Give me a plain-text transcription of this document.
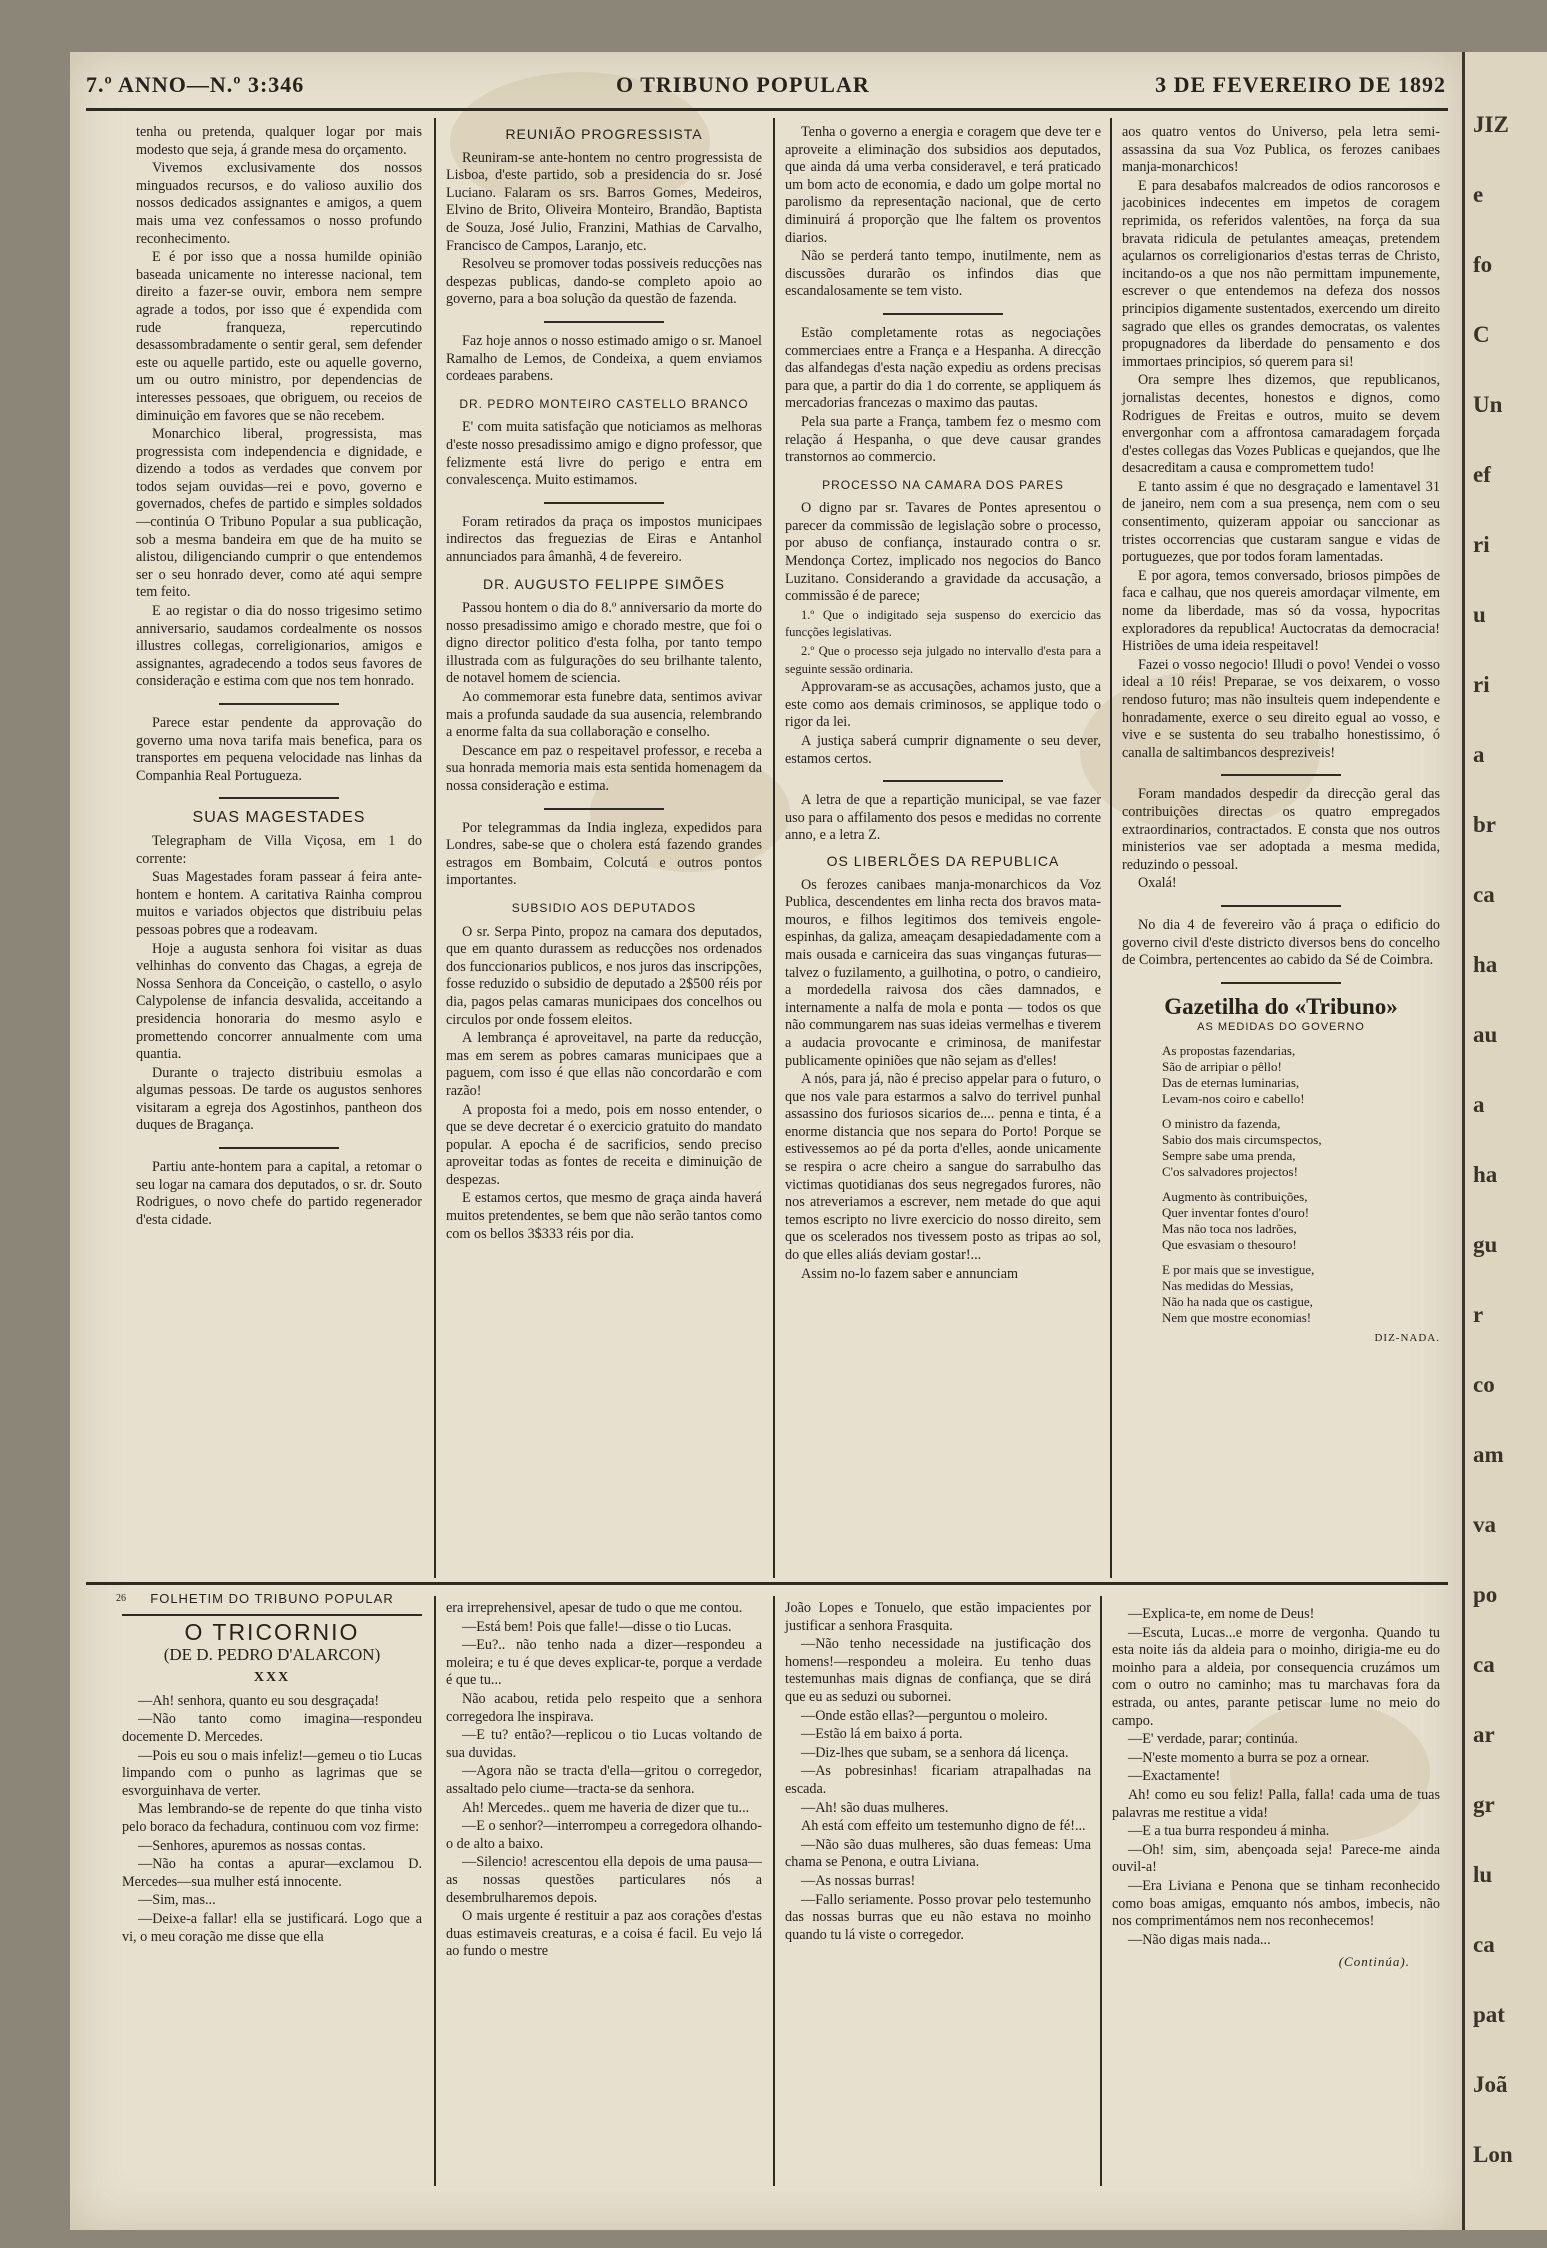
JIZ
e
fo
C
Un
ef
ri
u
ri
a
br
ca
ha
au
a
ha
gu
r
co
am
va
po
ca
ar
gr
lu
ca
pat
Joã
Lon
7.º ANNO—N.º 3:346	O TRIBUNO POPULAR	3 DE FEVEREIRO DE 1892

tenha ou pretenda, qualquer logar por mais modesto que seja, á grande mesa do orçamento.

Vivemos exclusivamente dos nossos minguados recursos, e do valioso auxilio dos nossos dedicados assignantes e amigos, a quem mais uma vez confessamos o nosso profundo reconhecimento.

E é por isso que a nossa humilde opinião baseada unicamente no interesse nacional, tem direito a fazer-se ouvir, embora nem sempre agrade a todos, por isso que é expendida com rude franqueza, repercutindo desassombradamente o sentir geral, sem defender este ou aquelle partido, este ou aquelle governo, um ou outro ministro, por dependencias de interesses pessoaes, que obriguem, ou receios de diminuição em favores que se não recebem.

Monarchico liberal, progressista, mas progressista com independencia e dignidade, e dizendo a todos as verdades que convem por todos sejam ouvidas—rei e povo, governo e governados, chefes de partido e simples soldados—continúa O Tribuno Popular a sua publicação, sob a mesma bandeira em que de ha muito se alistou, diligenciando cumprir o que entendemos ser o seu honrado dever, como até aqui sempre tem feito.

E ao registar o dia do nosso trigesimo setimo anniversario, saudamos cordealmente os nossos illustres collegas, correligionarios, amigos e assignantes, agradecendo a todos seus favores de consideração e estima com que nos tem honrado.

Parece estar pendente da approvação do governo uma nova tarifa mais benefica, para os transportes em pequena velocidade nas linhas da Companhia Real Portugueza.

SUAS MAGESTADES

Telegrapham de Villa Viçosa, em 1 do corrente:

Suas Magestades foram passear á feira ante-hontem e hontem. A caritativa Rainha comprou muitos e variados objectos que distribuiu pelas pessoas pobres que a rodeavam.

Hoje a augusta senhora foi visitar as duas velhinhas do convento das Chagas, a egreja de Nossa Senhora da Conceição, o castello, o asylo Calypolense de infancia desvalida, acceitando a presidencia honoraria do mesmo asylo e promettendo concorrer annualmente com uma quantia.

Durante o trajecto distribuiu esmolas a algumas pessoas. De tarde os augustos senhores visitaram a egreja dos Agostinhos, pantheon dos duques de Bragança.

Partiu ante-hontem para a capital, a retomar o seu logar na camara dos deputados, o sr. dr. Souto Rodrigues, o novo chefe do partido regenerador d'esta cidade.

REUNIÃO PROGRESSISTA

Reuniram-se ante-hontem no centro progressista de Lisboa, d'este partido, sob a presidencia do sr. José Luciano. Falaram os srs. Barros Gomes, Medeiros, Elvino de Brito, Oliveira Monteiro, Brandão, Baptista de Souza, José Julio, Franzini, Mathias de Carvalho, Francisco de Campos, Laranjo, etc.

Resolveu se promover todas possiveis reducções nas despezas publicas, dando-se completo apoio ao governo, para a boa solução da questão de fazenda.

Faz hoje annos o nosso estimado amigo o sr. Manoel Ramalho de Lemos, de Condeixa, a quem enviamos cordeaes parabens.

DR. PEDRO MONTEIRO CASTELLO BRANCO

E' com muita satisfação que noticiamos as melhoras d'este nosso presadissimo amigo e digno professor, que felizmente está livre do perigo e entra em convalescença. Muito estimamos.

Foram retirados da praça os impostos municipaes indirectos das freguezias de Eiras e Antanhol annunciados para âmanhã, 4 de fevereiro.

DR. AUGUSTO FELIPPE SIMÕES

Passou hontem o dia do 8.º anniversario da morte do nosso presadissimo amigo e chorado mestre, que foi o digno director politico d'esta folha, por tanto tempo illustrada com as fulgurações do seu brilhante talento, de notavel homem de sciencia.

Ao commemorar esta funebre data, sentimos avivar mais a profunda saudade da sua ausencia, relembrando a enorme falta da sua collaboração e conselho.

Descance em paz o respeitavel professor, e receba a sua honrada memoria mais esta sentida homenagem da nossa consideração e estima.

Por telegrammas da India ingleza, expedidos para Londres, sabe-se que o cholera está fazendo grandes estragos em Bombaim, Colcutá e outros pontos importantes.

SUBSIDIO AOS DEPUTADOS

O sr. Serpa Pinto, propoz na camara dos deputados, que em quanto durassem as reducções nos ordenados dos funccionarios publicos, e nos juros das inscripções, fosse reduzido o subsidio de deputado a 2$500 réis por dia, pagos pelas camaras municipaes dos concelhos ou circulos por onde fossem eleitos.

A lembrança é aproveitavel, na parte da reducção, mas em serem as pobres camaras municipaes que a paguem, com isso é que ellas não concordarão e com razão!

A proposta foi a medo, pois em nosso entender, o que se deve decretar é o exercicio gratuito do mandato popular. A epocha é de sacrificios, sendo preciso aproveitar todas as fontes de receita e diminuição de despezas.

E estamos certos, que mesmo de graça ainda haverá muitos pretendentes, se bem que não serão tantos como com os bellos 3$333 réis por dia.

Tenha o governo a energia e coragem que deve ter e aproveite a eliminação dos subsidios aos deputados, que ainda dá uma verba consideravel, e terá praticado um bom acto de economia, e dado um golpe mortal no parolismo da representação nacional, que de certo diminuirá á proporção que lhe faltem os proventos diarios.

Não se perderá tanto tempo, inutilmente, nem as discussões durarão os infindos dias que escandalosamente se tem visto.

Estão completamente rotas as negociações commerciaes entre a França e a Hespanha. A direcção das alfandegas d'esta nação expediu as ordens precisas para que, a partir do dia 1 do corrente, se appliquem ás mercadorias francezas o maximo das pautas.

Pela sua parte a França, tambem fez o mesmo com relação á Hespanha, o que deve causar grandes transtornos ao commercio.

PROCESSO NA CAMARA DOS PARES

O digno par sr. Tavares de Pontes apresentou o parecer da commissão de legislação sobre o processo, por abuso de confiança, instaurado contra o sr. Mendonça Cortez, implicado nos negocios do Banco Luzitano. Considerando a gravidade da accusação, a commissão é de parece;

1.º Que o indigitado seja suspenso do exercicio das funcções legislativas.

2.º Que o processo seja julgado no intervallo d'esta para a seguinte sessão ordinaria.

Approvaram-se as accusações, achamos justo, que a este como aos demais criminosos, se applique todo o rigor da lei.

A justiça saberá cumprir dignamente o seu dever, estamos certos.

A letra de que a repartição municipal, se vae fazer uso para o affilamento dos pesos e medidas no corrente anno, e a letra Z.

OS LIBERLÕES DA REPUBLICA

Os ferozes canibaes manja-monarchicos da Voz Publica, descendentes em linha recta dos bravos mata-mouros, e filhos legitimos dos temiveis engole-espinhas, da galiza, ameaçam desapiedadamente com a mais ousada e carniceira das suas vinganças futuras—talvez o fuzilamento, a guilhotina, o potro, o candieiro, a mordedella raivosa dos cães damnados, e internamente a nalfa de mola e ponta — todos os que não commungarem nas suas ideias vermelhas e tiverem a audacia provocante e criminosa, de manifestar publicamente opiniões que não sejam as d'elles!

A nós, para já, não é preciso appelar para o futuro, o que nos vale para estarmos a salvo do terrivel punhal assassino dos furiosos sicarios de.... penna e tinta, é a enorme distancia que nos separa do Porto! Porque se estivessemos ao pé da porta d'elles, aonde unicamente se respira o acre cheiro a sangue do sarrabulho das victimas quotidianas dos seus negregados furores, não nos atreveriamos a escrever, nem metade do que aqui temos escripto no livre exercicio do nosso direito, sem que os scelerados nos tivessem posto as tripas ao sol, do que elles aliás deviam gostar!...

Assim no-lo fazem saber e annunciam

aos quatro ventos do Universo, pela letra semi-assassina da sua Voz Publica, os ferozes canibaes manja-monarchicos!

E para desabafos malcreados de odios rancorosos e jacobinices indecentes em impetos de coragem reprimida, os referidos valentões, na força da sua bravata ridicula de petulantes ameaças, pretendem açularnos os correligionarios d'estas terras de Christo, incitando-os a que nos não permittam impunemente, escrever o que entendemos na defeza dos nossos principios digamente sustentados, exercendo um direito sagrado que elles os grandes democratas, os valentes propugnadores da liberdade do pensamento e dos immortaes principios, só querem para si!

Ora sempre lhes dizemos, que republicanos, jornalistas decentes, honestos e dignos, como Rodrigues de Freitas e outros, muito se devem envergonhar com a affrontosa camaradagem forçada d'estes collegas das Vozes Publicas e quejandos, que lhe desacreditam a causa e compromettem tudo!

E tanto assim é que no desgraçado e lamentavel 31 de janeiro, nem com a sua presença, nem com o seu consentimento, quizeram appoiar ou sanccionar as tristes occorrencias que custaram sangue e vidas de portuguezes, que por todos foram lamentadas.

E por agora, temos conversado, briosos pimpões de faca e calhau, que nos quereis amordaçar vilmente, em nome da liberdade, mas só da vossa, hypocritas exploradores da republica! Auctocratas da democracia! Histriões de uma ideia respeitavel!

Fazei o vosso negocio! Illudi o povo! Vendei o vosso ideal a 10 réis! Preparae, se vos deixarem, o vosso rendoso futuro; mas não insulteis quem independente e honradamente, exerce o seu direito egual ao vosso, e vive e se sustenta do seu trabalho honestissimo, ó canalla de saltimbancos despreziveis!

Foram mandados despedir da direcção geral das contribuições directas os quatro empregados extraordinarios, contractados. E consta que nos outros ministerios vae ser adoptada a mesma medida, reduzindo o pessoal.

Oxalá!

No dia 4 de fevereiro vão á praça o edificio do governo civil d'este districto diversos bens do concelho de Coimbra, pertencentes ao cabido da Sé de Coimbra.

Gazetilha do «Tribuno»
AS MEDIDAS DO GOVERNO
As propostas fazendarias,
São de arripiar o pêllo!
Das de eternas luminarias,
Levam-nos coiro e cabello!
O ministro da fazenda,
Sabio dos mais circumspectos,
Sempre sabe uma prenda,
C'os salvadores projectos!
Augmento às contribuições,
Quer inventar fontes d'ouro!
Mas não toca nos ladrões,
Que esvasiam o thesouro!
E por mais que se investigue,
Nas medidas do Messias,
Não ha nada que os castigue,
Nem que mostre economias!
DIZ-NADA.
26	FOLHETIM DO TRIBUNO POPULAR
O TRICORNIO
(DE D. PEDRO D'ALARCON)
XXX

—Ah! senhora, quanto eu sou desgraçada!

—Não tanto como imagina—respondeu docemente D. Mercedes.

—Pois eu sou o mais infeliz!—gemeu o tio Lucas limpando com o punho as lagrimas que se esvorguinhava de verter.

Mas lembrando-se de repente do que tinha visto pelo boraco da fechadura, continuou com voz firme:

—Senhores, apuremos as nossas contas.

—Não ha contas a apurar—exclamou D. Mercedes—sua mulher está innocente.

—Sim, mas...

—Deixe-a fallar! ella se justificará. Logo que a vi, o meu coração me disse que ella

era irreprehensivel, apesar de tudo o que me contou.

—Está bem! Pois que falle!—disse o tio Lucas.

—Eu?.. não tenho nada a dizer—respondeu a moleira; e tu é que deves explicar-te, porque a verdade é que tu...

Não acabou, retida pelo respeito que a senhora corregedora lhe inspirava.

—E tu? então?—replicou o tio Lucas voltando de sua duvidas.

—Agora não se tracta d'ella—gritou o corregedor, assaltado pelo ciume—tracta-se da senhora.

Ah! Mercedes.. quem me haveria de dizer que tu...

—E o senhor?—interrompeu a corregedora olhando-o de alto a baixo.

—Silencio! acrescentou ella depois de uma pausa—as nossas questões particulares nós a desembrulharemos depois.

O mais urgente é restituir a paz aos corações d'estas duas estimaveis creaturas, e a coisa é facil. Eu vejo lá ao fundo o mestre

João Lopes e Tonuelo, que estão impacientes por justificar a senhora Frasquita.

—Não tenho necessidade na justificação dos homens!—respondeu a moleira. Eu tenho duas testemunhas mais dignas de confiança, que se dirá que eu as seduzi ou subornei.

—Onde estão ellas?—perguntou o moleiro.

—Estão lá em baixo á porta.

—Diz-lhes que subam, se a senhora dá licença.

—As pobresinhas! ficariam atrapalhadas na escada.

—Ah! são duas mulheres.

Ah está com effeito um testemunho digno de fé!...

—Não são duas mulheres, são duas femeas: Uma chama se Penona, e outra Liviana.

—As nossas burras!

—Fallo seriamente. Posso provar pelo testemunho das nossas burras que eu não estava no moinho quando tu lá viste o corregedor.

—Explica-te, em nome de Deus!

—Escuta, Lucas...e morre de vergonha. Quando tu esta noite iás da aldeia para o moinho, dirigia-me eu do moinho para a aldeia, por consequencia cruzámos um com o outro no caminho; mas tu marchavas fora da estrada, ou antes, parante petiscar lume no meio do campo.

—E' verdade, parar; continúa.

—N'este momento a burra se poz a ornear.

—Exactamente!

Ah! como eu sou feliz! Palla, falla! cada uma de tuas palavras me restitue a vida!

—E a tua burra respondeu á minha.

—Oh! sim, sim, abençoada seja! Parece-me ainda ouvil-a!

—Era Liviana e Penona que se tinham reconhecido como boas amigas, emquanto nós ambos, imbecis, não nos comprimentámos nem nos reconhecemos!

—Não digas mais nada...

(Continúa).
